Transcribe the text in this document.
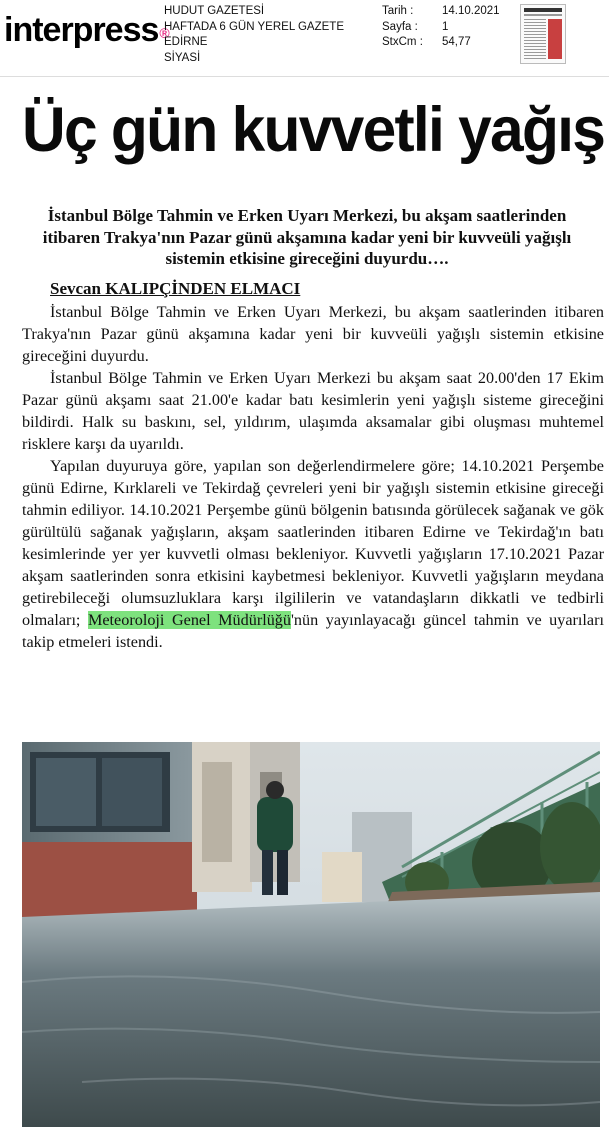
interpress®
HUDUT GAZETESİ
HAFTADA 6 GÜN YEREL GAZETE
EDİRNE
SİYASİ
Tarih :	14.10.2021
Sayfa :	1
StxCm :	54,77
Üç gün kuvvetli yağış
İstanbul Bölge Tahmin ve Erken Uyarı Merkezi, bu akşam saatlerinden itibaren Trakya'nın Pazar günü akşamına kadar yeni bir kuvveüli yağışlı sistemin etkisine gireceğini duyurdu….
Sevcan KALIPÇİNDEN ELMACI

İstanbul Bölge Tahmin ve Erken Uyarı Merkezi, bu akşam saatlerinden itibaren Trakya'nın Pazar günü akşamına kadar yeni bir kuvveüli yağışlı sistemin etkisine gireceğini duyurdu.

İstanbul Bölge Tahmin ve Erken Uyarı Merkezi bu akşam saat 20.00'den 17 Ekim Pazar günü akşamı saat 21.00'e kadar batı kesimlerin yeni yağışlı sisteme gireceğini bildirdi. Halk su baskını, sel, yıldırım, ulaşımda aksamalar gibi oluşması muhtemel risklere karşı da uyarıldı.

Yapılan duyuruya göre, yapılan son değerlendirmelere göre; 14.10.2021 Perşembe günü Edirne, Kırklareli ve Tekirdağ çevreleri yeni bir yağışlı sistemin etkisine gireceği tahmin ediliyor. 14.10.2021 Perşembe günü bölgenin batısında görülecek sağanak ve gök gürültülü sağanak yağışların, akşam saatlerinden itibaren Edirne ve Tekirdağ'ın batı kesimlerinde yer yer kuvvetli olması bekleniyor. Kuvvetli yağışların 17.10.2021 Pazar akşam saatlerinden sonra etkisini kaybetmesi bekleniyor. Kuvvetli yağışların meydana getirebileceği olumsuzluklara karşı ilgililerin ve vatandaşların dikkatli ve tedbirli olmaları; Meteoroloji Genel Müdürlüğü'nün yayınlayacağı güncel tahmin ve uyarıları takip etmeleri istendi.
